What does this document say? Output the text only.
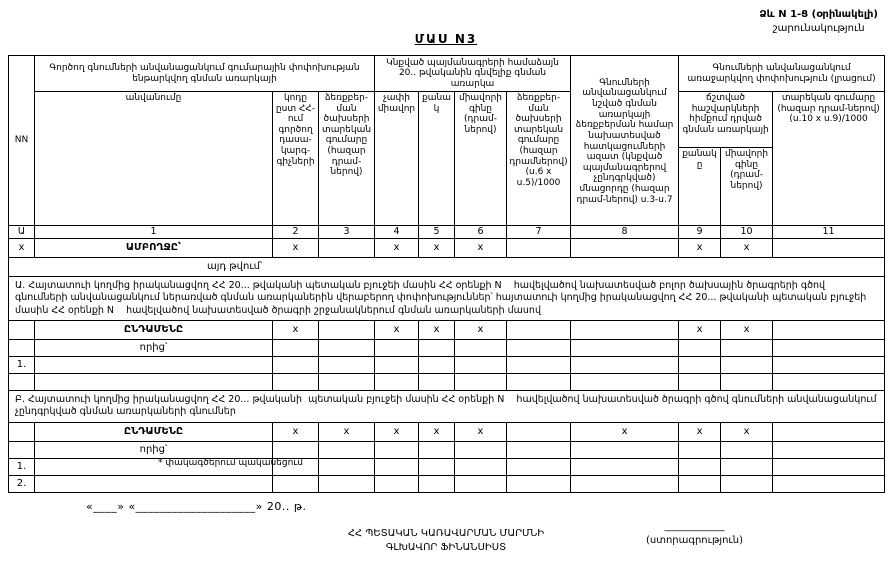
Ձև N 1-Ց (օրինակելի)
շարունակություն
ՄԱՍ N3
NN	Գործող գնումների անվանացանկում գումարային փոփոխության ենթարկվող գնման առարկայի			Կնքված պայմանագրերի համաձայն 20.. թվականին գնվելիք գնման առարկա				Գնումների անվանացանկում նշված գնման առարկայի ձեռքբերման համար նախատեսված հատկացումների ազատ (կնքված պայմանագրերով չընդգրկված) մնացորդը (հազար դրամ-ներով) ս.3-ս.7	Գնումների անվանացանկում առաջարկվող փոփոխություն (լրացում)		
	անվանումը	կոդը ըստ ՀՀ-ում գործող դասա-կարգ-գիչների	ձեռքբեր-ման ծախսերի տարեկան գումարը (հազար դրամ-ներով)	չափի միավոր	քանակ	միավորի գինը (դրամ-ներով)	ձեռքբեր-ման ծախսերի տարեկան գումարը (հազար դրամներով) (ս.6 x ս.5)/1000		ճշտված հաշվարկների հիմքում դրված գնման առարկայի		տարեկան գումարը (հազար դրամ-ներով) (ս.10 x ս.9)/1000
									քանակը	միավորի գինը (դրամ-ներով)	
Ա	1	2	3	4	5	6	7	8	9	10	11
x	ԱՄԲՈՂՋԸ՝	x		x	x	x			x	x	
այդ թվում՝											
Ա. Հայտատուի կողմից իրականացվող ՀՀ 20... թվականի պետական բյուջեի մասին ՀՀ օրենքի N    հավելվածով նախատեսված բոլոր ծախսային ծրագրերի գծով գնումների անվանացանկում ներառված գնման առարկաներին վերաբերող փոփոխություններ՝ հայտատուի կողմից իրականացվող ՀՀ 20... թվականի պետական բյուջեի մասին ՀՀ օրենքի N    հավելվածով նախատեսված ծրագրի շրջանակներում գնման առարկաների մասով											
	ԸՆԴԱՄԵՆԸ	x		x	x	x			x	x	
	որից՝										
1.											

Բ. Հայտատուի կողմից իրականացվող ՀՀ 20... թվականի  պետական բյուջեի մասին ՀՀ օրենքի N    հավելվածով նախատեսված ծրագրի գծով գնումների անվանացանկում չընդգրկված գնման առարկաների գնումներ											
	ԸՆԴԱՄԵՆԸ	x	x	x	x	x		x	x	x	
	որից՝										
1.											
2.											
* փակագծերում պակասեցում
«____» «____________________» 20.. թ.
ՀՀ ՊԵՏԱԿԱՆ ԿԱՌԱՎԱՐՄԱՆ ՄԱՐՄՆԻ
ԳԼԽԱՎՈՐ ՖԻՆԱՆՍԻՍՏ
____________
(ստորագրություն)
